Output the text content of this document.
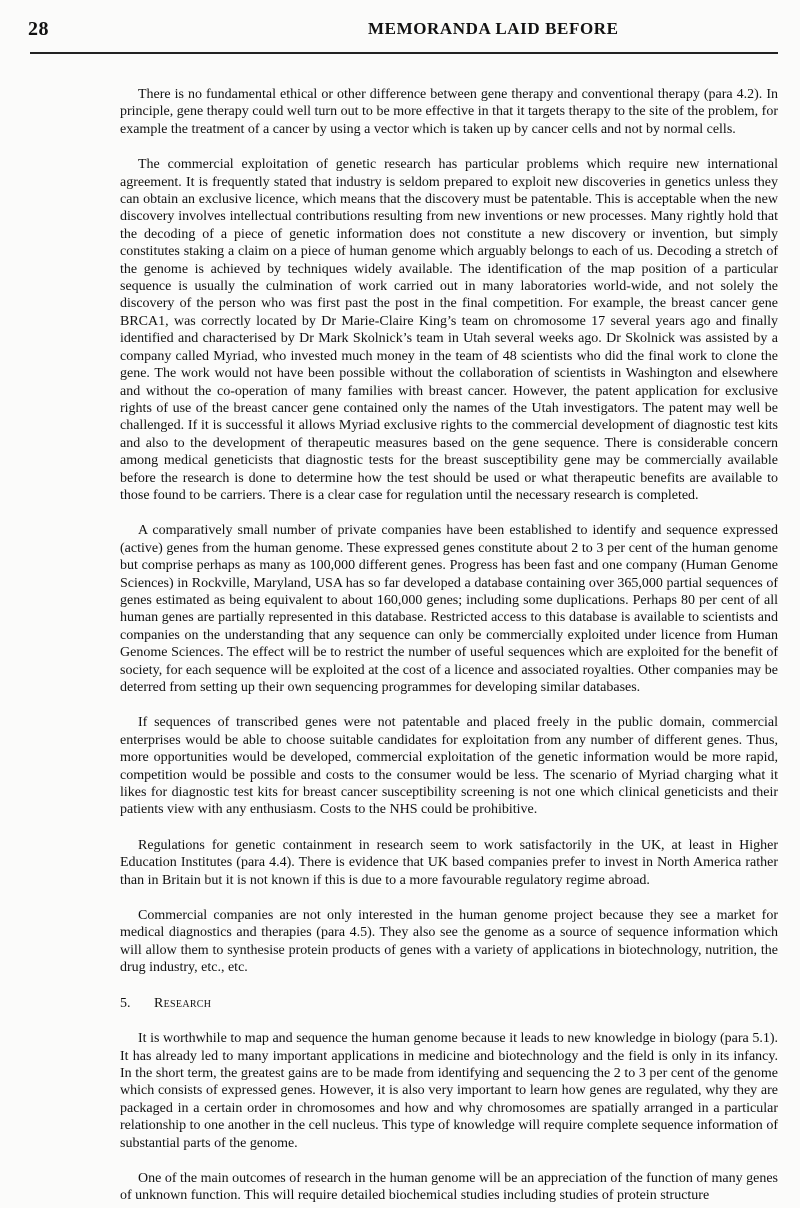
28	MEMORANDA LAID BEFORE

There is no fundamental ethical or other difference between gene therapy and conventional therapy (para 4.2). In principle, gene therapy could well turn out to be more effective in that it targets therapy to the site of the problem, for example the treatment of a cancer by using a vector which is taken up by cancer cells and not by normal cells.

The commercial exploitation of genetic research has particular problems which require new international agreement. It is frequently stated that industry is seldom prepared to exploit new discoveries in genetics unless they can obtain an exclusive licence, which means that the discovery must be patentable. This is acceptable when the new discovery involves intellectual contributions resulting from new inventions or new processes. Many rightly hold that the decoding of a piece of genetic information does not constitute a new discovery or invention, but simply constitutes staking a claim on a piece of human genome which arguably belongs to each of us. Decoding a stretch of the genome is achieved by techniques widely available. The identification of the map position of a particular sequence is usually the culmination of work carried out in many laboratories world-wide, and not solely the discovery of the person who was first past the post in the final competition. For example, the breast cancer gene BRCA1, was correctly located by Dr Marie-Claire King’s team on chromosome 17 several years ago and finally identified and characterised by Dr Mark Skolnick’s team in Utah several weeks ago. Dr Skolnick was assisted by a company called Myriad, who invested much money in the team of 48 scientists who did the final work to clone the gene. The work would not have been possible without the collaboration of scientists in Washington and elsewhere and without the co-operation of many families with breast cancer. However, the patent application for exclusive rights of use of the breast cancer gene contained only the names of the Utah investigators. The patent may well be challenged. If it is successful it allows Myriad exclusive rights to the commercial development of diagnostic test kits and also to the development of therapeutic measures based on the gene sequence. There is considerable concern among medical geneticists that diagnostic tests for the breast susceptibility gene may be commercially available before the research is done to determine how the test should be used or what therapeutic benefits are available to those found to be carriers. There is a clear case for regulation until the necessary research is completed.

A comparatively small number of private companies have been established to identify and sequence expressed (active) genes from the human genome. These expressed genes constitute about 2 to 3 per cent of the human genome but comprise perhaps as many as 100,000 different genes. Progress has been fast and one company (Human Genome Sciences) in Rockville, Maryland, USA has so far developed a database containing over 365,000 partial sequences of genes estimated as being equivalent to about 160,000 genes; including some duplications. Perhaps 80 per cent of all human genes are partially represented in this database. Restricted access to this database is available to scientists and companies on the understanding that any sequence can only be commercially exploited under licence from Human Genome Sciences. The effect will be to restrict the number of useful sequences which are exploited for the benefit of society, for each sequence will be exploited at the cost of a licence and associated royalties. Other companies may be deterred from setting up their own sequencing programmes for developing similar databases.

If sequences of transcribed genes were not patentable and placed freely in the public domain, commercial enterprises would be able to choose suitable candidates for exploitation from any number of different genes. Thus, more opportunities would be developed, commercial exploitation of the genetic information would be more rapid, competition would be possible and costs to the consumer would be less. The scenario of Myriad charging what it likes for diagnostic test kits for breast cancer susceptibility screening is not one which clinical geneticists and their patients view with any enthusiasm. Costs to the NHS could be prohibitive.

Regulations for genetic containment in research seem to work satisfactorily in the UK, at least in Higher Education Institutes (para 4.4). There is evidence that UK based companies prefer to invest in North America rather than in Britain but it is not known if this is due to a more favourable regulatory regime abroad.

Commercial companies are not only interested in the human genome project because they see a market for medical diagnostics and therapies (para 4.5). They also see the genome as a source of sequence information which will allow them to synthesise protein products of genes with a variety of applications in biotechnology, nutrition, the drug industry, etc., etc.

5. Research

It is worthwhile to map and sequence the human genome because it leads to new knowledge in biology (para 5.1). It has already led to many important applications in medicine and biotechnology and the field is only in its infancy. In the short term, the greatest gains are to be made from identifying and sequencing the 2 to 3 per cent of the genome which consists of expressed genes. However, it is also very important to learn how genes are regulated, why they are packaged in a certain order in chromosomes and how and why chromosomes are spatially arranged in a particular relationship to one another in the cell nucleus. This type of knowledge will require complete sequence information of substantial parts of the genome.

One of the main outcomes of research in the human genome will be an appreciation of the function of many genes of unknown function. This will require detailed biochemical studies including studies of protein structure
